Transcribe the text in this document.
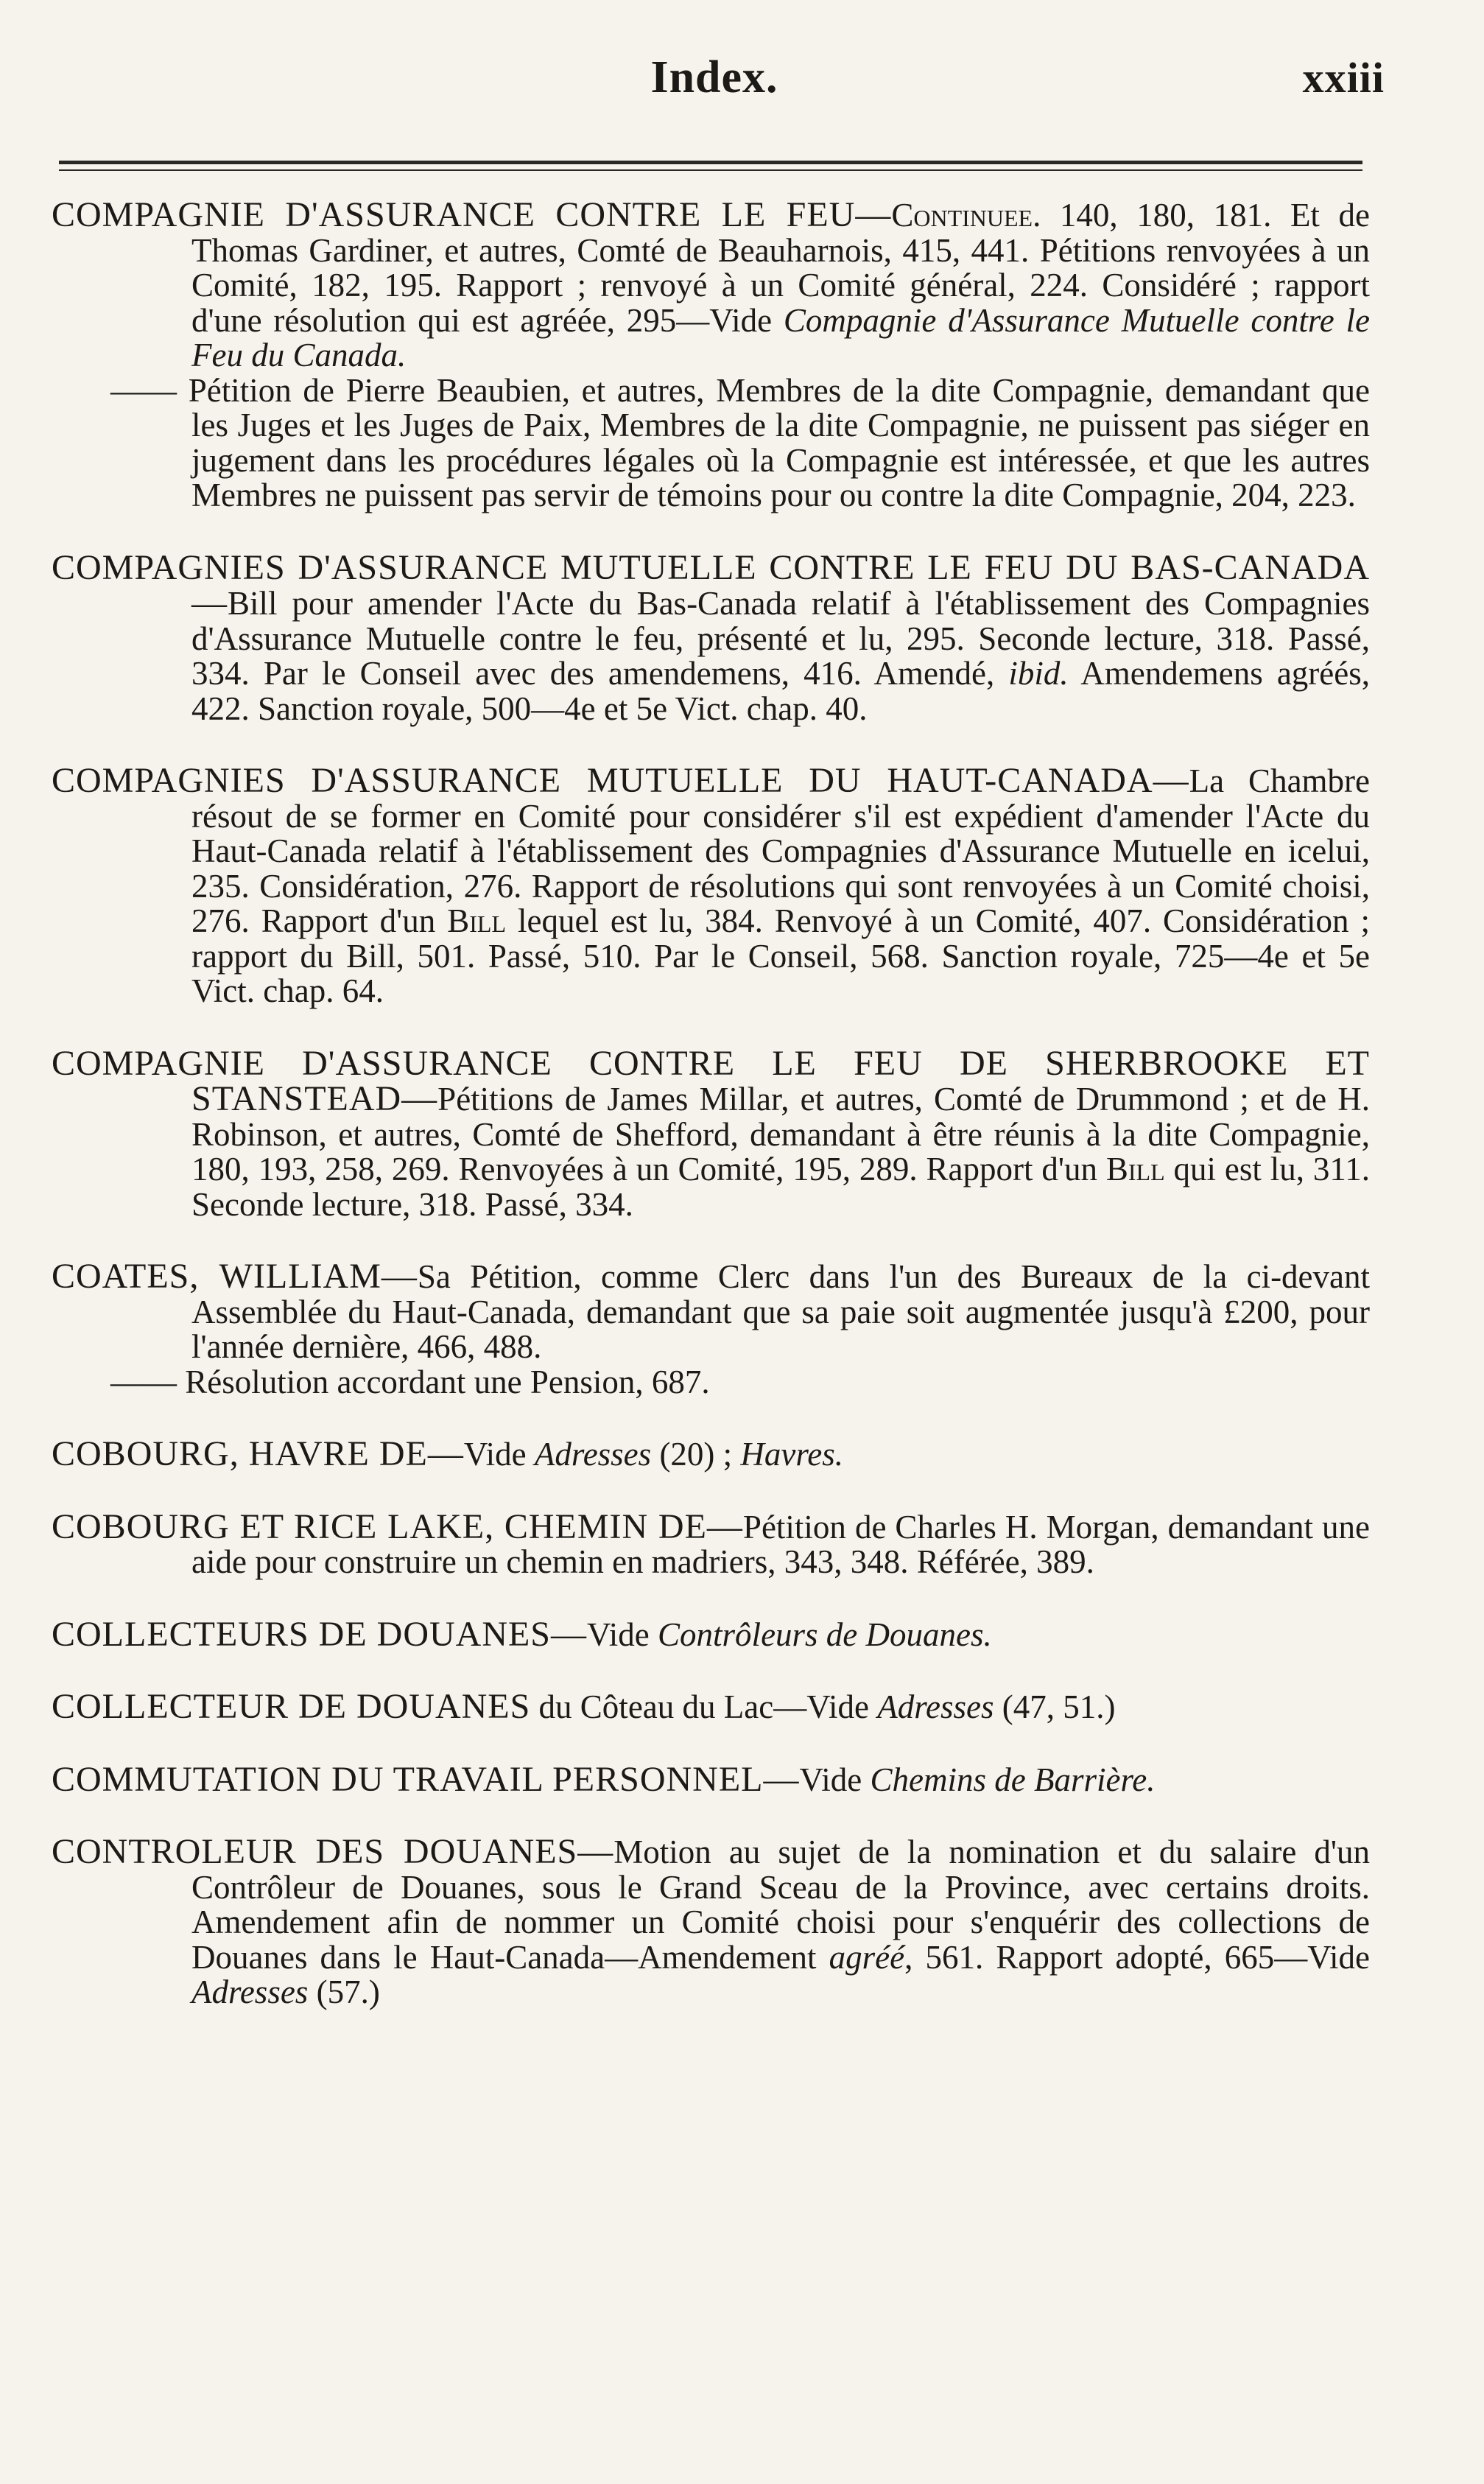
Index.	xxiii

COMPAGNIE D'ASSURANCE CONTRE LE FEU—Continuee. 140, 180, 181. Et de Thomas Gardiner, et autres, Comté de Beauharnois, 415, 441. Pétitions renvoyées à un Comité, 182, 195. Rapport ; renvoyé à un Comité général, 224. Considéré ; rapport d'une résolution qui est agréée, 295—Vide Compagnie d'Assurance Mutuelle contre le Feu du Canada.

—— Pétition de Pierre Beaubien, et autres, Membres de la dite Compagnie, demandant que les Juges et les Juges de Paix, Membres de la dite Compagnie, ne puissent pas siéger en jugement dans les procédures légales où la Compagnie est intéressée, et que les autres Membres ne puissent pas servir de témoins pour ou contre la dite Compagnie, 204, 223.

COMPAGNIES D'ASSURANCE MUTUELLE CONTRE LE FEU DU BAS-CANADA—Bill pour amender l'Acte du Bas-Canada relatif à l'établissement des Compagnies d'Assurance Mutuelle contre le feu, présenté et lu, 295. Seconde lecture, 318. Passé, 334. Par le Conseil avec des amendemens, 416. Amendé, ibid. Amendemens agréés, 422. Sanction royale, 500—4e et 5e Vict. chap. 40.

COMPAGNIES D'ASSURANCE MUTUELLE DU HAUT-CANADA—La Chambre résout de se former en Comité pour considérer s'il est expédient d'amender l'Acte du Haut-Canada relatif à l'établissement des Compagnies d'Assurance Mutuelle en icelui, 235. Considération, 276. Rapport de résolutions qui sont renvoyées à un Comité choisi, 276. Rapport d'un Bill lequel est lu, 384. Renvoyé à un Comité, 407. Considération ; rapport du Bill, 501. Passé, 510. Par le Conseil, 568. Sanction royale, 725—4e et 5e Vict. chap. 64.

COMPAGNIE D'ASSURANCE CONTRE LE FEU DE SHERBROOKE ET STANSTEAD—Pétitions de James Millar, et autres, Comté de Drummond ; et de H. Robinson, et autres, Comté de Shefford, demandant à être réunis à la dite Compagnie, 180, 193, 258, 269. Renvoyées à un Comité, 195, 289. Rapport d'un Bill qui est lu, 311. Seconde lecture, 318. Passé, 334.

COATES, WILLIAM—Sa Pétition, comme Clerc dans l'un des Bureaux de la ci-devant Assemblée du Haut-Canada, demandant que sa paie soit augmentée jusqu'à £200, pour l'année dernière, 466, 488.

—— Résolution accordant une Pension, 687.

COBOURG, HAVRE DE—Vide Adresses (20) ; Havres.

COBOURG ET RICE LAKE, CHEMIN DE—Pétition de Charles H. Morgan, demandant une aide pour construire un chemin en madriers, 343, 348. Référée, 389.

COLLECTEURS DE DOUANES—Vide Contrôleurs de Douanes.

COLLECTEUR DE DOUANES du Côteau du Lac—Vide Adresses (47, 51.)

COMMUTATION DU TRAVAIL PERSONNEL—Vide Chemins de Barrière.

CONTROLEUR DES DOUANES—Motion au sujet de la nomination et du salaire d'un Contrôleur de Douanes, sous le Grand Sceau de la Province, avec certains droits. Amendement afin de nommer un Comité choisi pour s'enquérir des collections de Douanes dans le Haut-Canada—Amendement agréé, 561. Rapport adopté, 665—Vide Adresses (57.)
